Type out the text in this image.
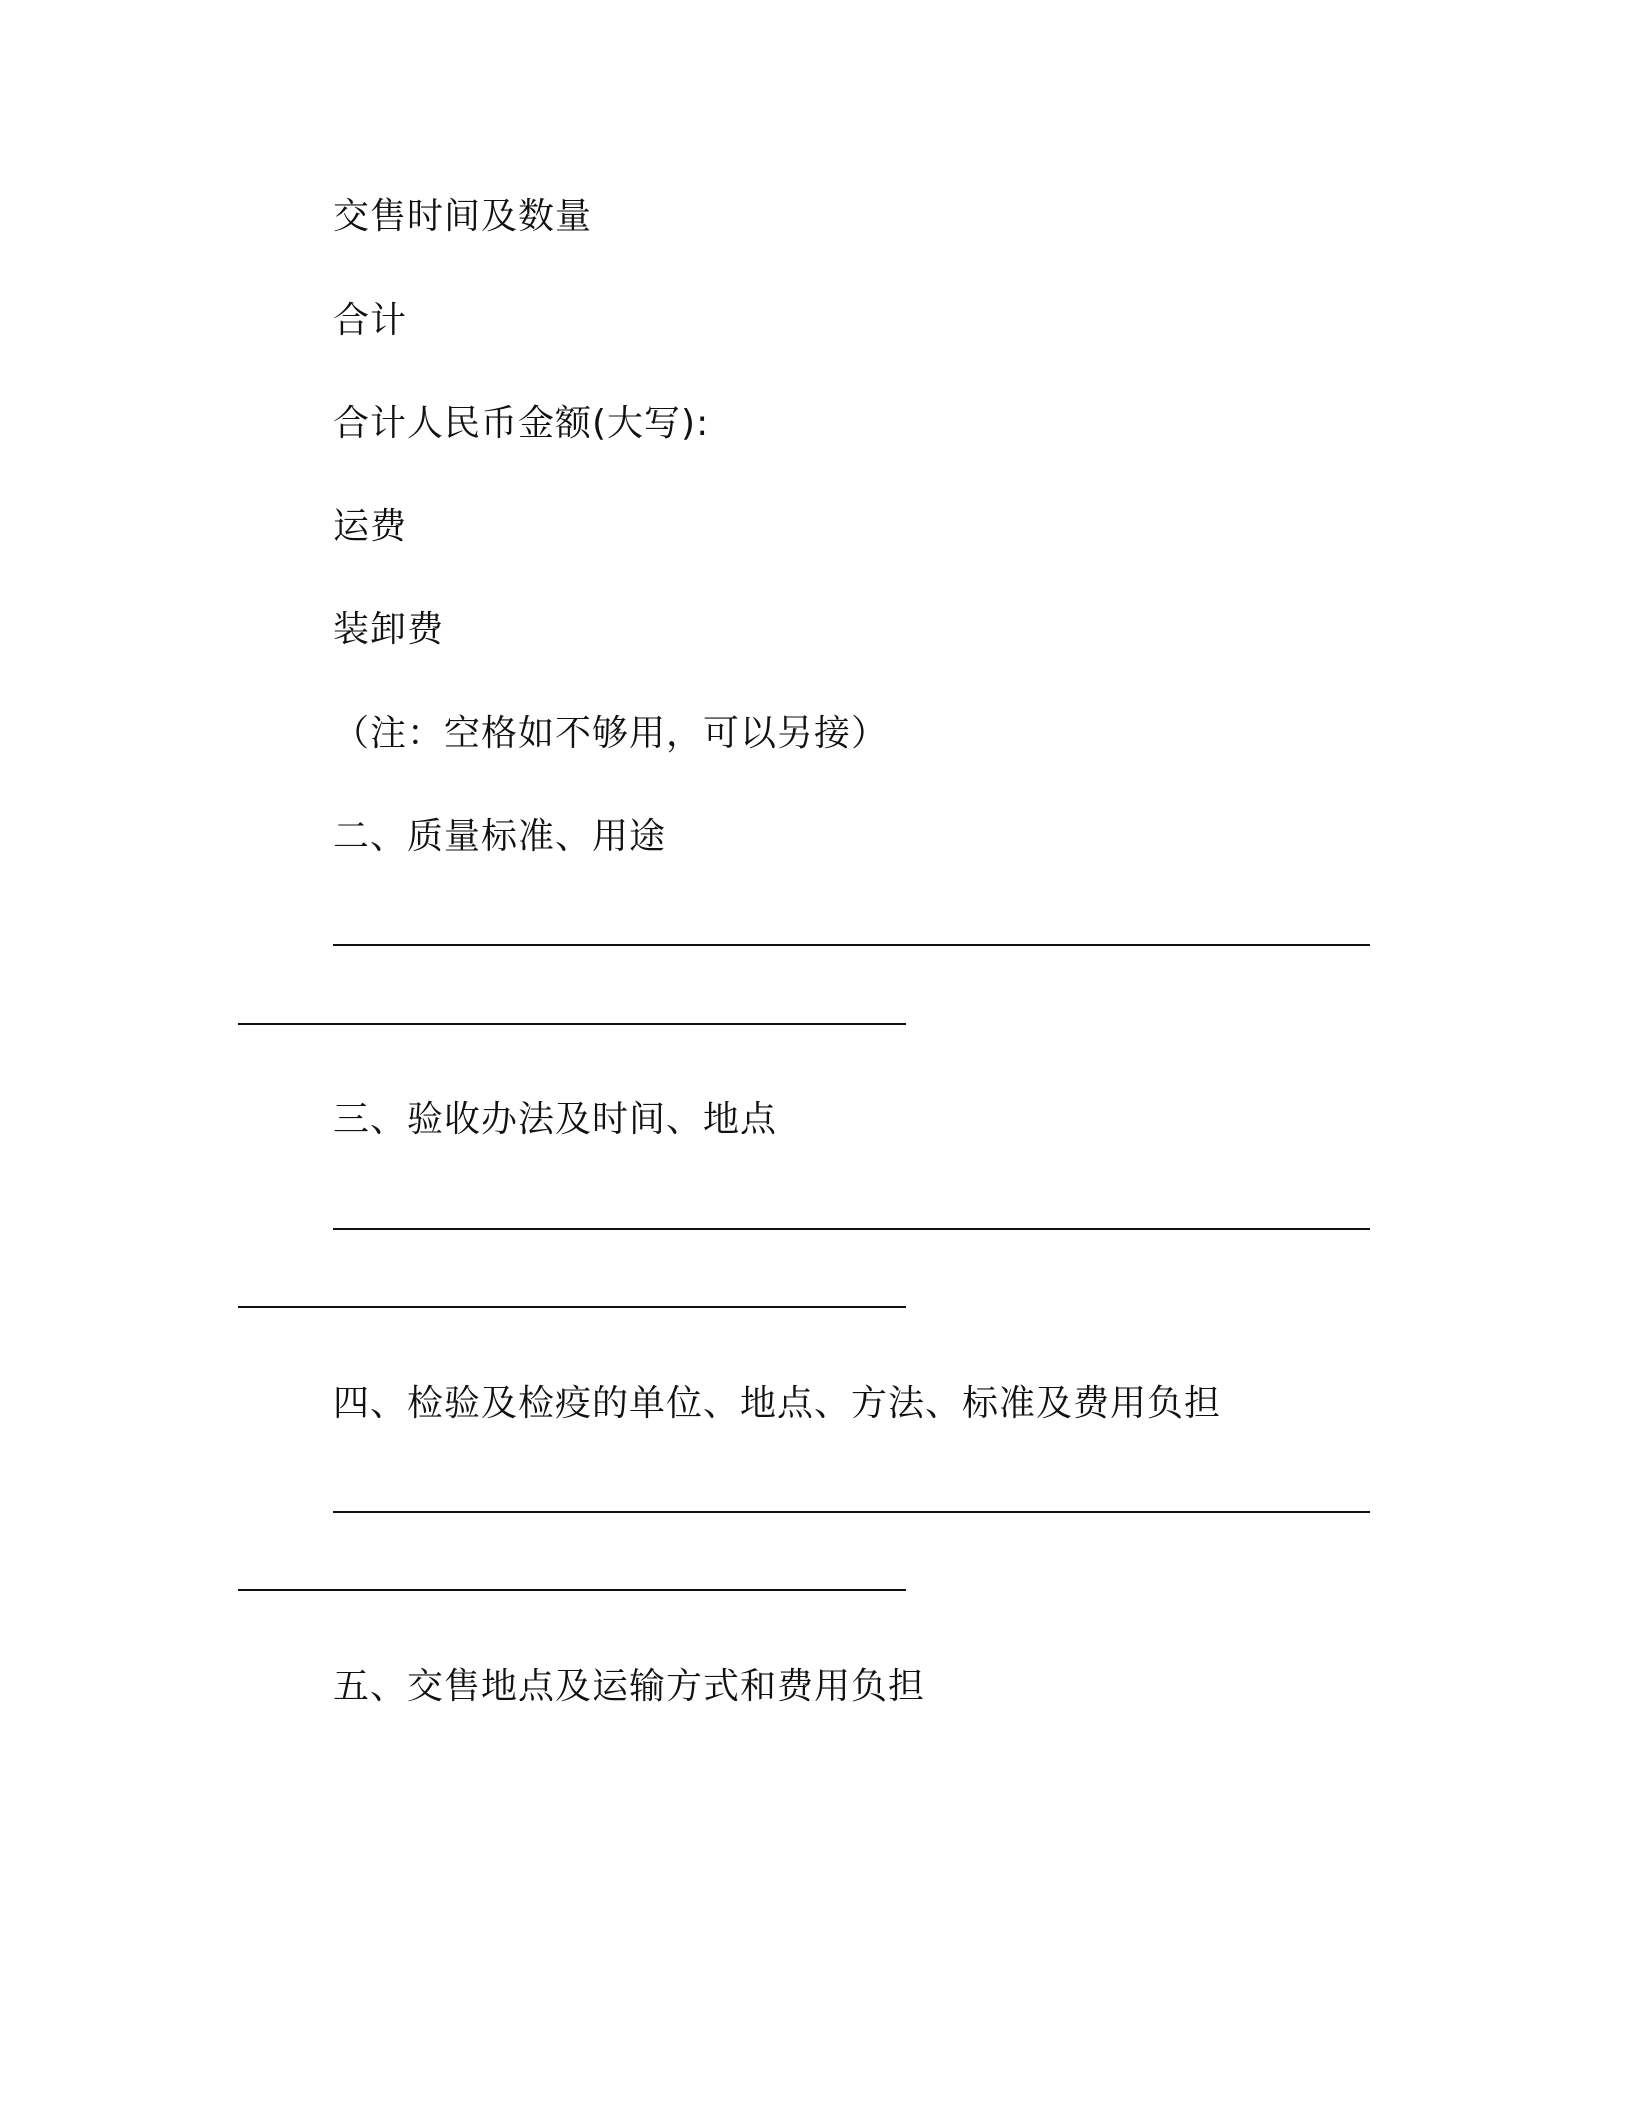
交售时间及数量
合计
合计人民币金额(大写):
运费
装卸费
（注：空格如不够用，可以另接）
二、质量标准、用途
三、验收办法及时间、地点
四、检验及检疫的单位、地点、方法、标准及费用负担
五、交售地点及运输方式和费用负担
